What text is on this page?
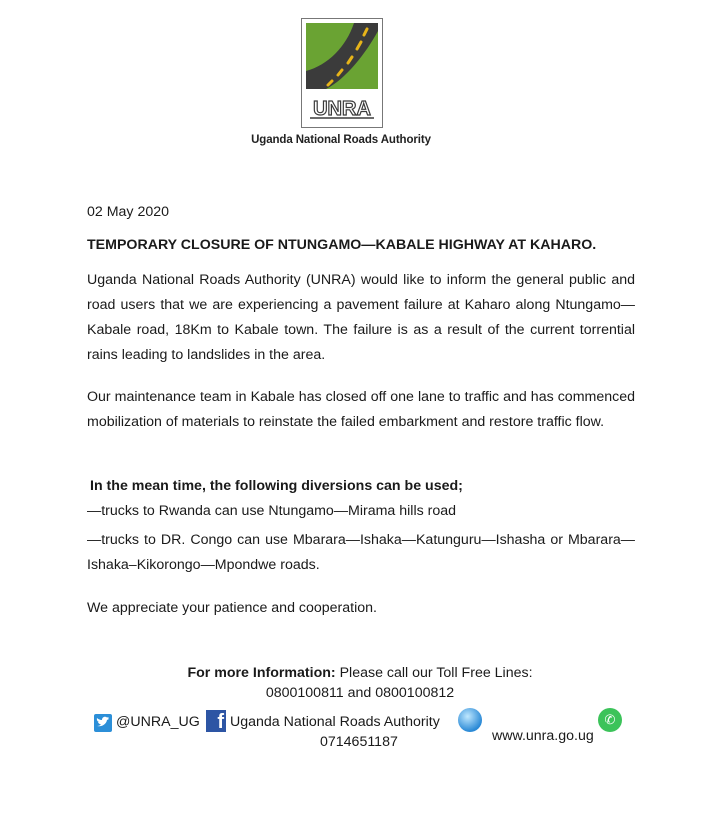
UNRA
Uganda National Roads Authority
02 May 2020
TEMPORARY CLOSURE OF NTUNGAMO—KABALE HIGHWAY AT KAHARO.
Uganda National Roads Authority (UNRA) would like to inform the general public and road users that we are experiencing a pavement failure at Kaharo along Ntungamo—Kabale road, 18Km to Kabale town. The failure is as a result of the current torrential rains leading to landslides in the area.
Our maintenance team in Kabale has closed off one lane to traffic and has commenced mobilization of materials to reinstate the failed embarkment and restore traffic flow.
In the mean time, the following diversions can be used;
—trucks to Rwanda can use Ntungamo—Mirama hills road
—trucks to DR. Congo can use Mbarara—Ishaka—Katunguru—Ishasha or Mbarara—Ishaka–Kikorongo—Mpondwe roads.
We appreciate your patience and cooperation.
For more Information: Please call our Toll Free Lines:
0800100811 and 0800100812
@UNRA_UG f Uganda National Roads Authority
0714651187	www.unra.go.ug
✆
